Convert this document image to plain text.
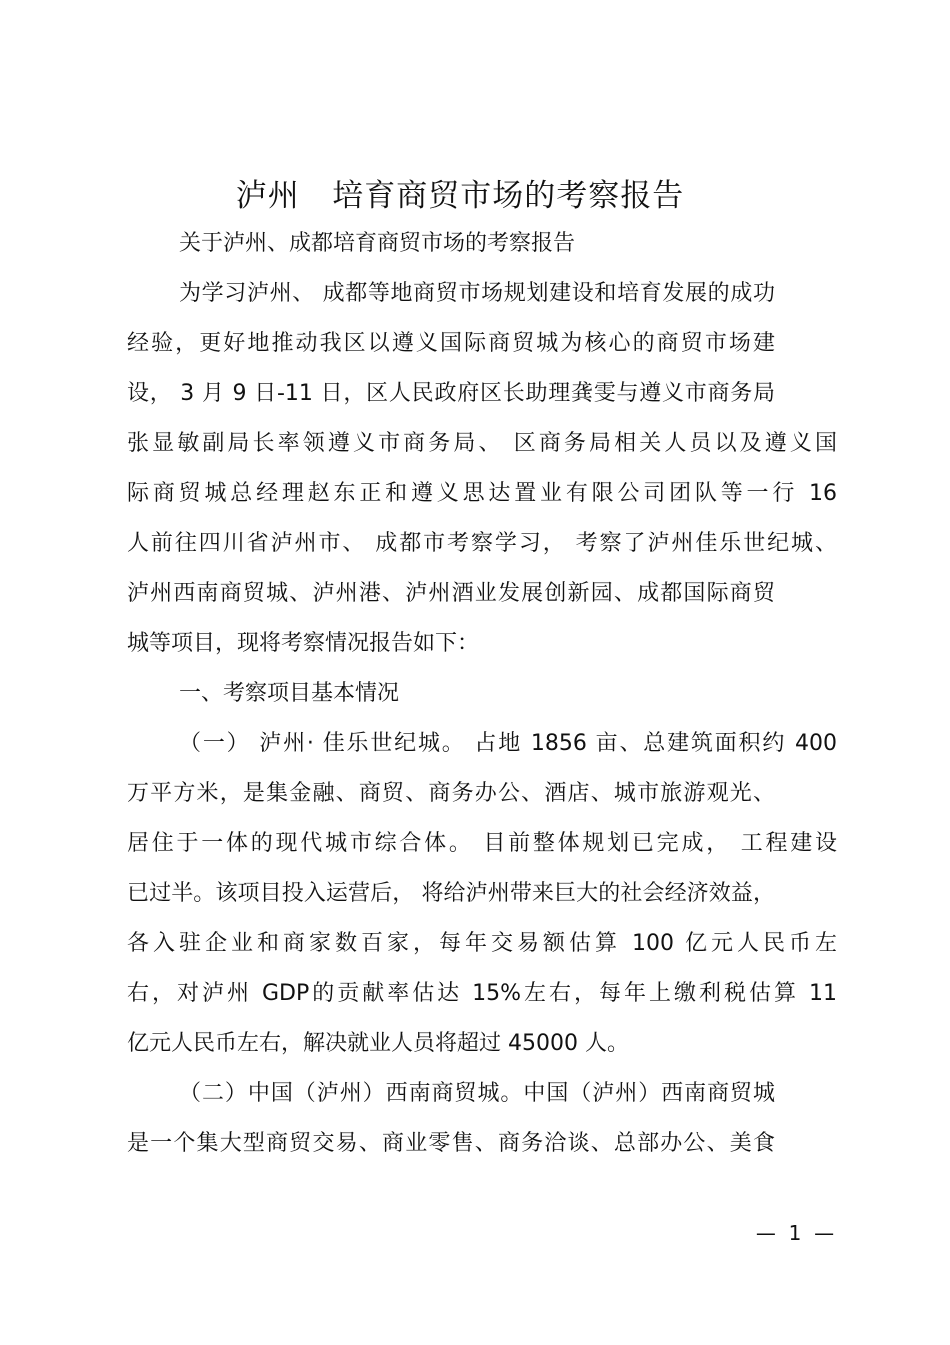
泸州   培育商贸市场的考察报告
关于泸州、成都培育商贸市场的考察报告
为学习泸州、 成都等地商贸市场规划建设和培育发展的成功
经验，更好地推动我区以遵义国际商贸城为核心的商贸市场建
设， 3 月 9 日-11 日，区人民政府区长助理龚雯与遵义市商务局
张显敏副局长率领遵义市商务局、 区商务局相关人员以及遵义国
际商贸城总经理赵东正和遵义思达置业有限公司团队等一行 16
人前往四川省泸州市、 成都市考察学习， 考察了泸州佳乐世纪城、
泸州西南商贸城、泸州港、泸州酒业发展创新园、成都国际商贸
城等项目，现将考察情况报告如下：
一、考察项目基本情况
（一） 泸州· 佳乐世纪城。 占地 1856 亩、总建筑面积约 400
万平方米，是集金融、商贸、商务办公、酒店、城市旅游观光、
居住于一体的现代城市综合体。 目前整体规划已完成， 工程建设
已过半。该项目投入运营后， 将给泸州带来巨大的社会经济效益，
各入驻企业和商家数百家，每年交易额估算 100 亿元人民币左
右，对泸州 GDP的贡献率估达 15%左右，每年上缴利税估算 11
亿元人民币左右，解决就业人员将超过 45000 人。
（二）中国（泸州）西南商贸城。中国（泸州）西南商贸城
是一个集大型商贸交易、商业零售、商务洽谈、总部办公、美食
—  1  —
